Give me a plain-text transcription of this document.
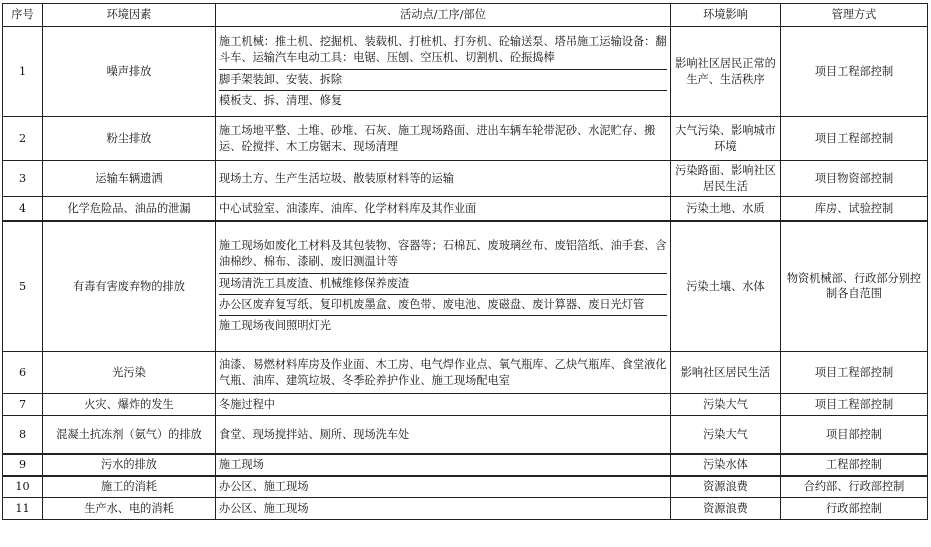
序号	环境因素	活动点/工序/部位	环境影响	管理方式
1	噪声排放	施工机械：推土机、挖掘机、装载机、打桩机、打夯机、砼输送泵、塔吊施工运输设备：翻斗车、运输汽车电动工具：电锯、压刨、空压机、切割机、砼振捣棒
脚手架装卸、安装、拆除
模板支、拆、清理、修复	影响社区居民正常的生产、生活秩序	项目工程部控制
2	粉尘排放	施工场地平整、土堆、砂堆、石灰、施工现场路面、进出车辆车轮带泥砂、水泥贮存、搬运、砼搅拌、木工房锯末、现场清理	大气污染、影响城市环境	项目工程部控制
3	运输车辆遗洒	现场土方、生产生活垃圾、散装原材料等的运输	污染路面、影响社区居民生活	项目物资部控制
4	化学危险品、油品的泄漏	中心试验室、油漆库、油库、化学材料库及其作业面	污染土地、水质	库房、试验控制
5	有毒有害废弃物的排放	施工现场如废化工材料及其包装物、容器等；石棉瓦、废玻璃丝布、废铝箔纸、油手套、含油棉纱、棉布、漆刷、废旧测温计等
现场清洗工具废渣、机械维修保养废渣
办公区废弃复写纸、复印机废墨盒、废色带、废电池、废磁盘、废计算器、废日光灯管
施工现场夜间照明灯光	污染土壤、水体	物资机械部、行政部分别控制各自范围
6	光污染	油漆、易燃材料库房及作业面、木工房、电气焊作业点、氧气瓶库、乙炔气瓶库、食堂液化气瓶、油库、建筑垃圾、冬季砼养护作业、施工现场配电室	影响社区居民生活	项目工程部控制
7	火灾、爆炸的发生	冬施过程中	污染大气	项目工程部控制
8	混凝土抗冻剂（氨气）的排放	食堂、现场搅拌站、厕所、现场洗车处	污染大气	项目部控制
9	污水的排放	施工现场	污染水体	工程部控制
10	施工的消耗	办公区、施工现场	资源浪费	合约部、行政部控制
11	生产水、电的消耗	办公区、施工现场	资源浪费	行政部控制
